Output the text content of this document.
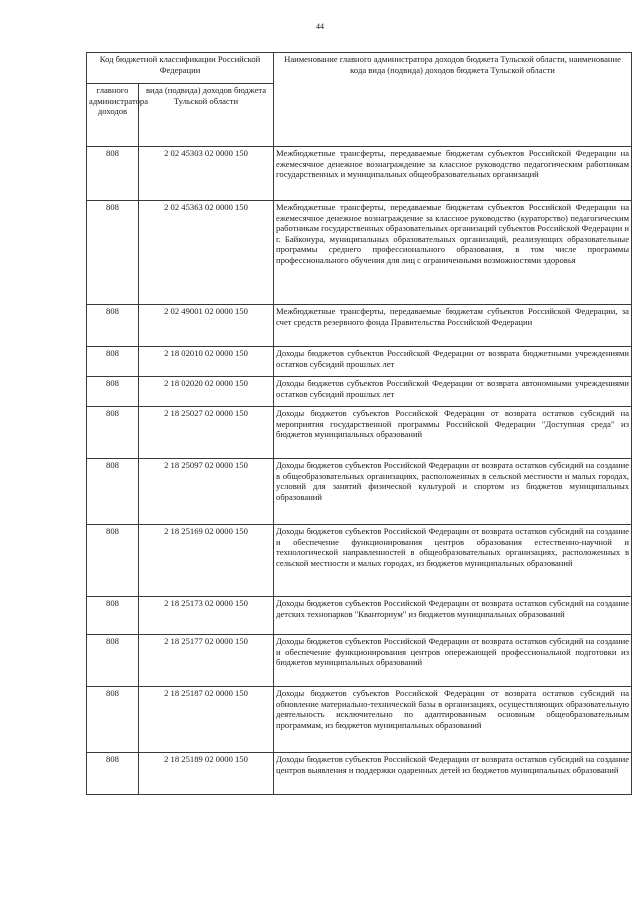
44
Код бюджетной классификации Российской Федерации		Наименование главного администратора доходов бюджета Тульской области, наименование кода вида (подвида) доходов бюджета Тульской области
главного администратора доходов	вида (подвида) доходов бюджета Тульской области	
808	2 02 45303 02 0000 150	Межбюджетные трансферты, передаваемые бюджетам субъектов Российской Федерации на ежемесячное денежное вознаграждение за классное руководство педагогическим работникам государственных и муниципальных общеобразовательных организаций
808	2 02 45363 02 0000 150	Межбюджетные трансферты, передаваемые бюджетам субъектов Российской Федерации на ежемесячное денежное вознаграждение за классное руководство (кураторство) педагогическим работникам государственных образовательных организаций субъектов Российской Федерации и г. Байконура, муниципальных образовательных организаций, реализующих образовательные программы среднего профессионального образования, в том числе программы профессионального обучения для лиц с ограниченными возможностями здоровья
808	2 02 49001 02 0000 150	Межбюджетные трансферты, передаваемые бюджетам субъектов Российской Федерации, за счет средств резервного фонда Правительства Российской Федерации
808	2 18 02010 02 0000 150	Доходы бюджетов субъектов Российской Федерации от возврата бюджетными учреждениями остатков субсидий прошлых лет
808	2 18 02020 02 0000 150	Доходы бюджетов субъектов Российской Федерации от возврата автономными учреждениями остатков субсидий прошлых лет
808	2 18 25027 02 0000 150	Доходы бюджетов субъектов Российской Федерации от возврата остатков субсидий на мероприятия государственной программы Российской Федерации "Доступная среда" из бюджетов муниципальных образований
808	2 18 25097 02 0000 150	Доходы бюджетов субъектов Российской Федерации от возврата остатков субсидий на создание в общеобразовательных организациях, расположенных в сельской местности и малых городах, условий для занятий физической культурой и спортом из бюджетов муниципальных образований
808	2 18 25169 02 0000 150	Доходы бюджетов субъектов Российской Федерации от возврата остатков субсидий на создание и обеспечение функционирования центров образования естественно-научной и технологической направленностей в общеобразовательных организациях, расположенных в сельской местности и малых городах, из бюджетов муниципальных образований
808	2 18 25173 02 0000 150	Доходы бюджетов субъектов Российской Федерации от возврата остатков субсидий на создание детских технопарков "Кванториум" из бюджетов муниципальных образований
808	2 18 25177 02 0000 150	Доходы бюджетов субъектов Российской Федерации от возврата остатков субсидий на создание и обеспечение функционирования центров опережающей профессиональной подготовки из бюджетов муниципальных образований
808	2 18 25187 02 0000 150	Доходы бюджетов субъектов Российской Федерации от возврата остатков субсидий на обновление материально-технической базы в организациях, осуществляющих образовательную деятельность исключительно по адаптированным основным общеобразовательным программам, из бюджетов муниципальных образований
808	2 18 25189 02 0000 150	Доходы бюджетов субъектов Российской Федерации от возврата остатков субсидий на создание центров выявления и поддержки одаренных детей из бюджетов муниципальных образований
